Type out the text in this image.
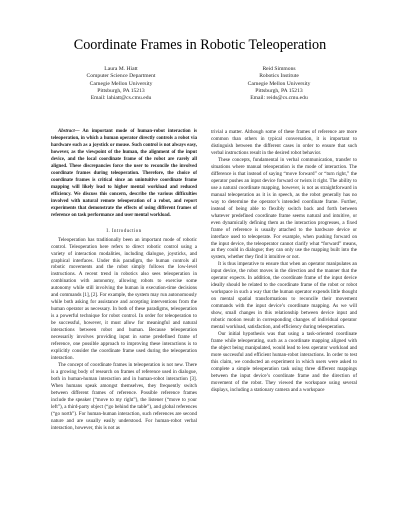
Coordinate Frames in Robotic Teleoperation
Laura M. Hiatt
Computer Science Department
Carnegie Mellon University
Pittsburgh, PA 15213
Email: lahiatt@cs.cmu.edu
Reid Simmons
Robotics Institute
Carnegie Mellon University
Pittsburgh, PA 15213
Email: reids@cs.cmu.edu

Abstract— An important mode of human-robot interaction is teleoperation, in which a human operator directly controls a robot via hardware such as a joystick or mouse. Such control is not always easy, however, as the viewpoint of the human, the alignment of the input device, and the local coordinate frame of the robot are rarely all aligned. These discrepancies force the user to reconcile the involved coordinate frames during teleoperation. Therefore, the choice of coordinate frames is critical since an unintuitive coordinate frame mapping will likely lead to higher mental workload and reduced efficiency. We discuss this concern, describe the various difficulties involved with natural remote teleoperation of a robot, and report experiments that demonstrate the effects of using different frames of reference on task performance and user mental workload.

I. Introduction

Teleoperation has traditionally been an important mode of robotic control. Teleoperation here refers to direct robotic control using a variety of interaction modalities, including dialogue, joysticks, and graphical interfaces. Under this paradigm, the human controls all robotic movements and the robot simply follows the low-level instructions. A recent trend in robotics also sees teleoperation in combination with autonomy, allowing robots to exercise some autonomy while still involving the human in execution-time decisions and commands [1], [2]. For example, the system may run autonomously while both asking for assistance and accepting interventions from the human operator as necessary. In both of these paradigms, teleoperation is a powerful technique for robot control. In order for teleoperation to be successful, however, it must allow for meaningful and natural interactions between robot and human. Because teleoperation necessarily involves providing input in some predefined frame of reference, one possible approach to improving these interactions is to explicitly consider the coordinate frame used during the teleoperation interaction.

The concept of coordinate frames in teleoperation is not new. There is a growing body of research on frames of reference used in dialogue, both in human-human interaction and in human-robot interaction [3]. When humans speak amongst themselves, they frequently switch between different frames of reference. Possible reference frames include the speaker (“move to my right”), the listener (“move to your left”), a third-party object (“go behind the table”), and global references (“go north”). For human-human interaction, such references are second nature and are usually easily understood. For human-robot verbal interaction, however, this is not as

trivial a matter. Although some of these frames of reference are more common than others in typical conversation, it is important to distinguish between the different cases in order to ensure that such verbal instructions result in the desired robot behavior.

These concepts, fundamental in verbal communication, transfer to situations where manual teleoperation is the mode of interaction. The difference is that instead of saying “move forward” or “turn right,” the operator pushes an input device forward or twists it right. The ability to use a natural coordinate mapping, however, is not as straightforward in manual teleoperation as it is in speech, as the robot generally has no way to determine the operator’s intended coordinate frame. Further, instead of being able to flexibly switch back and forth between whatever predefined coordinate frame seems natural and intuitive, or even dynamically defining them as the interaction progresses, a fixed frame of reference is usually attached to the hardware device or interface used to teleoperate. For example, when pushing forward on the input device, the teleoperator cannot clarify what “forward” means, as they could in dialogue; they can only use the mapping built into the system, whether they find it intuitive or not.

It is thus imperative to ensure that when an operator manipulates an input device, the robot moves in the direction and the manner that the operator expects. In addition, the coordinate frame of the input device ideally should be related to the coordinate frame of the robot or robot workspace in such a way that the human operator expends little thought on mental spatial transformations to reconcile their movement commands with the input device’s coordinate mapping. As we will show, small changes in this relationship between device input and robotic motion result in corresponding changes of individual operator mental workload, satisfaction, and efficiency during teleoperation.

Our initial hypothesis was that using a task-oriented coordinate frame while teleoperating, such as a coordinate mapping aligned with the object being manipulated, would lead to less operator workload and more successful and efficient human-robot interactions. In order to test this claim, we conducted an experiment in which users were asked to complete a simple teleoperation task using three different mappings between the input device’s coordinate frame and the direction of movement of the robot. They viewed the workspace using several displays, including a stationary camera and a workspace
